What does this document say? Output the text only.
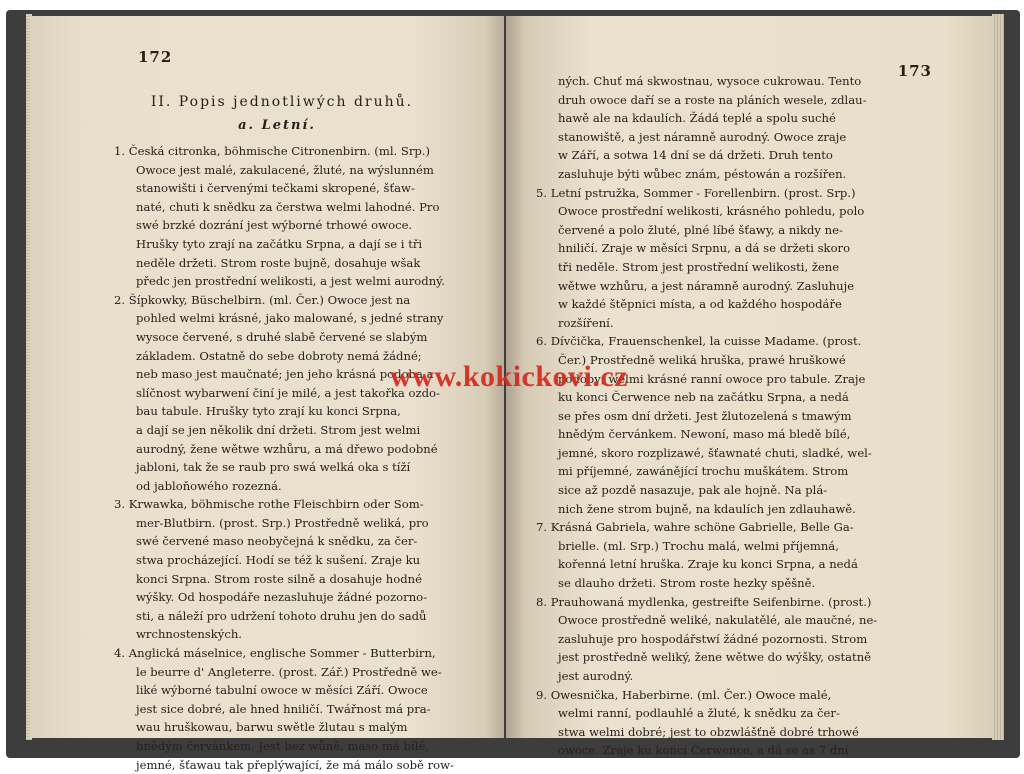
172
II. Popis jednotliwých druhů.
a. Letní.
1. Česká citronka, böhmische Citronenbirn. (ml. Srp.)
Owoce jest malé, zakulacené, žluté, na wýslunném
stanowišti i červenými tečkami skropené, šťaw-
naté, chuti k snědku za čerstwa welmi lahodné. Pro
swé brzké dozrání jest wýborné trhowé owoce.
Hrušky tyto zrají na začátku Srpna, a dají se i tři
neděle držeti. Strom roste bujně, dosahuje wšak
předc jen prostřední welikosti, a jest welmi aurodný.
2. Šípkowky, Büschelbirn. (ml. Čer.) Owoce jest na
pohled welmi krásné, jako malowané, s jedné strany
wysoce červené, s druhé slabě červené se slabým
základem. Ostatně do sebe dobroty nemá žádné;
neb maso jest maučnaté; jen jeho krásná podoba a
slíčnost wybarwení činí je milé, a jest takořka ozdo-
bau tabule. Hrušky tyto zrají ku konci Srpna,
a dají se jen několik dní držeti. Strom jest welmi
aurodný, žene wětwe wzhůru, a má dřewo podobné
jabloni, tak že se raub pro swá welká oka s tíží
od jabloňowého rozezná.
3. Krwawka, böhmische rothe Fleischbirn oder Som-
mer-Blutbirn. (prost. Srp.) Prostředně weliká, pro
swé červené maso neobyčejná k snědku, za čer-
stwa procházející. Hodí se též k sušení. Zraje ku
konci Srpna. Strom roste silně a dosahuje hodné
wýšky. Od hospodáře nezasluhuje žádné pozorno-
sti, a náleží pro udržení tohoto druhu jen do sadů
wrchnostenských.
4. Anglická máselnice, englische Sommer - Butterbirn,
le beurre d' Angleterre. (prost. Zář.) Prostředně we-
liké wýborné tabulní owoce w měsíci Září. Owoce
jest sice dobré, ale hned hniličí. Twářnost má pra-
wau hruškowau, barwu swětle žlutau s malým
hnědým červánkem. Jest bez wůně, maso má bílé,
jemné, šťawau tak přeplýwající, že má málo sobě row-
173
ných. Chuť má skwostnau, wysoce cukrowau. Tento
druh owoce daří se a roste na pláních wesele, zdlau-
hawě ale na kdaulích. Žádá teplé a spolu suché
stanowiště, a jest náramně aurodný. Owoce zraje
w Září, a sotwa 14 dní se dá držeti. Druh tento
zasluhuje býti wůbec znám, péstowán a rozšířen.
5. Letní pstružka, Sommer - Forellenbirn. (prost. Srp.)
Owoce prostřední welikosti, krásného pohledu, polo
červené a polo žluté, plné líbé šťawy, a nikdy ne-
hniličí. Zraje w měsíci Srpnu, a dá se držeti skoro
tři neděle. Strom jest prostřední welikosti, žene
wětwe wzhůru, a jest náramně aurodný. Zasluhuje
w každé štěpnici místa, a od každého hospodáře
rozšíření.
6. Dívčička, Frauenschenkel, la cuisse Madame. (prost.
Čer.) Prostředně weliká hruška, prawé hruškowé
podoby; welmi krásné ranní owoce pro tabule. Zraje
ku konci Čerwence neb na začátku Srpna, a nedá
se přes osm dní držeti. Jest žlutozelená s tmawým
hnědým červánkem. Newoní, maso má bledě bílé,
jemné, skoro rozplizawé, šťawnaté chuti, sladké, wel-
mi příjemné, zawánějící trochu muškátem. Strom
sice až pozdě nasazuje, pak ale hojně. Na plá-
nich žene strom bujně, na kdaulích jen zdlauhawě.
7. Krásná Gabriela, wahre schöne Gabrielle, Belle Ga-
brielle. (ml. Srp.) Trochu malá, welmi příjemná,
kořenná letní hruška. Zraje ku konci Srpna, a nedá
se dlauho držeti. Strom roste hezky spěšně.
8. Prauhowaná mydlenka, gestreifte Seifenbirne. (prost.)
Owoce prostředně weliké, nakulatělé, ale maučné, ne-
zasluhuje pro hospodářstwí žádné pozornosti. Strom
jest prostředně weliký, žene wětwe do wýšky, ostatně
jest aurodný.
9. Owesnička, Haberbirne. (ml. Čer.) Owoce malé,
welmi ranní, podlauhlé a žluté, k snědku za čer-
stwa welmi dobré; jest to obzwlášťně dobré trhowé
owoce. Zraje ku konci Čerwence, a dá se as 7 dní
www.kokickovi.cz
